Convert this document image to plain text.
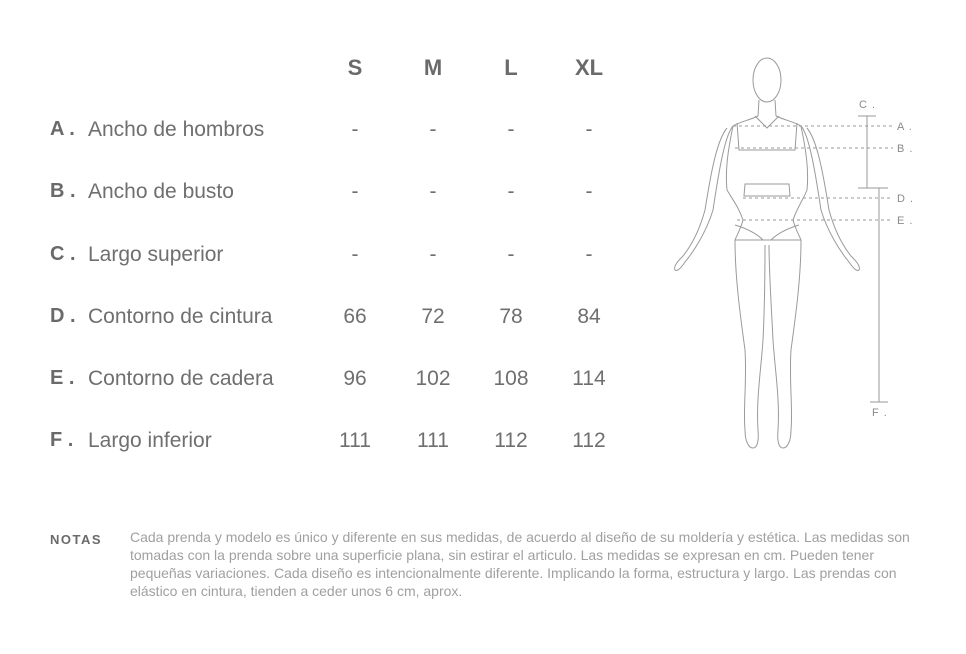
S	M	L	XL
A . Ancho de hombros	-	-	-	-
B . Ancho de busto	-	-	-	-
C . Largo superior	-	-	-	-
D . Contorno de cintura	66	72	78	84
E . Contorno de cadera	96	102	108	114
F . Largo inferior	111	111	112	112
C .
A .
B .
D .
E .
F .
NOTAS Cada prenda y modelo es único y diferente en sus medidas, de acuerdo al diseño de su moldería y estética. Las medidas son tomadas con la prenda sobre una superficie plana, sin estirar el articulo. Las medidas se expresan en cm. Pueden tener pequeñas variaciones. Cada diseño es intencionalmente diferente. Implicando la forma, estructura y largo. Las prendas con elástico en cintura, tienden a ceder unos 6 cm, aprox.
